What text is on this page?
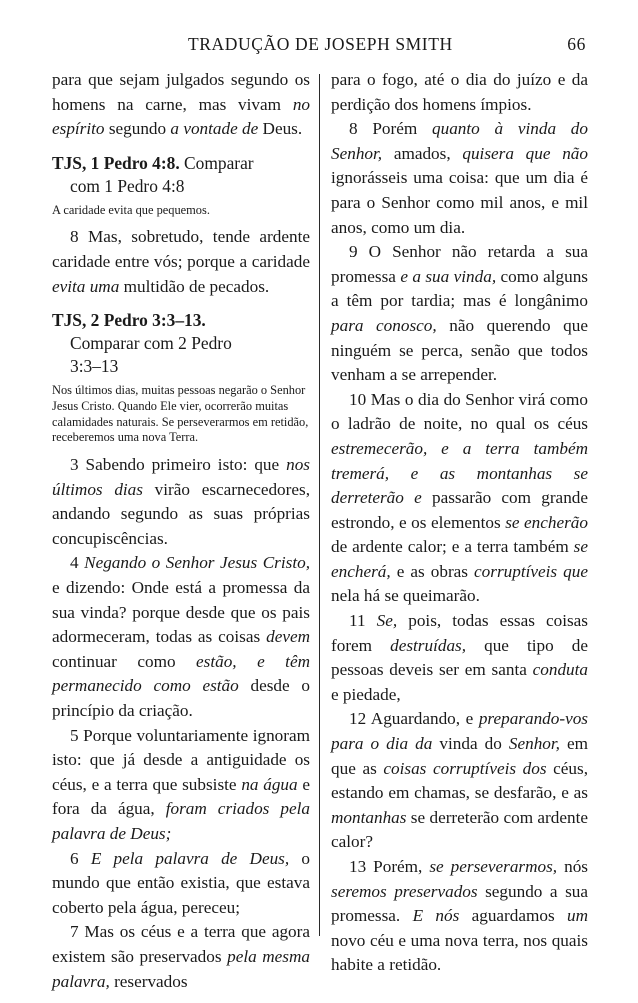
TRADUÇÃO DE JOSEPH SMITH	66

para que sejam julgados segundo os homens na carne, mas vivam no espírito segundo a vontade de Deus.

TJS, 1 Pedro 4:8. Comparar

com 1 Pedro 4:8

A caridade evita que pequemos.

8 Mas, sobretudo, tende ardente caridade entre vós; porque a caridade evita uma multidão de pecados.

TJS, 2 Pedro 3:3–13.

Comparar com 2 Pedro

3:3–13

Nos últimos dias, muitas pessoas negarão o Senhor Jesus Cristo. Quando Ele vier, ocorrerão muitas calamidades naturais. Se perseverarmos em retidão, receberemos uma nova Terra.

3 Sabendo primeiro isto: que nos últimos dias virão escarnecedores, andando segundo as suas próprias concupiscências.

4 Negando o Senhor Jesus Cristo, e dizendo: Onde está a promessa da sua vinda? porque desde que os pais adormeceram, todas as coisas devem continuar como estão, e têm permanecido como estão desde o princípio da criação.

5 Porque voluntariamente ignoram isto: que já desde a antiguidade os céus, e a terra que subsiste na água e fora da água, foram criados pela palavra de Deus;

6 E pela palavra de Deus, o mundo que então existia, que estava coberto pela água, pereceu;

7 Mas os céus e a terra que agora existem são preservados pela mesma palavra, reservados

para o fogo, até o dia do juízo e da perdição dos homens ímpios.

8 Porém quanto à vinda do Senhor, amados, quisera que não ignorásseis uma coisa: que um dia é para o Senhor como mil anos, e mil anos, como um dia.

9 O Senhor não retarda a sua promessa e a sua vinda, como alguns a têm por tardia; mas é longânimo para conosco, não querendo que ninguém se perca, senão que todos venham a se arrepender.

10 Mas o dia do Senhor virá como o ladrão de noite, no qual os céus estremecerão, e a terra também tremerá, e as montanhas se derreterão e passarão com grande estrondo, e os elementos se encherão de ardente calor; e a terra também se encherá, e as obras corruptíveis que nela há se queimarão.

11 Se, pois, todas essas coisas forem destruídas, que tipo de pessoas deveis ser em santa conduta e piedade,

12 Aguardando, e preparando-vos para o dia da vinda do Senhor, em que as coisas corruptíveis dos céus, estando em chamas, se desfarão, e as montanhas se derreterão com ardente calor?

13 Porém, se perseverarmos, nós seremos preservados segundo a sua promessa. E nós aguardamos um novo céu e uma nova terra, nos quais habite a retidão.
